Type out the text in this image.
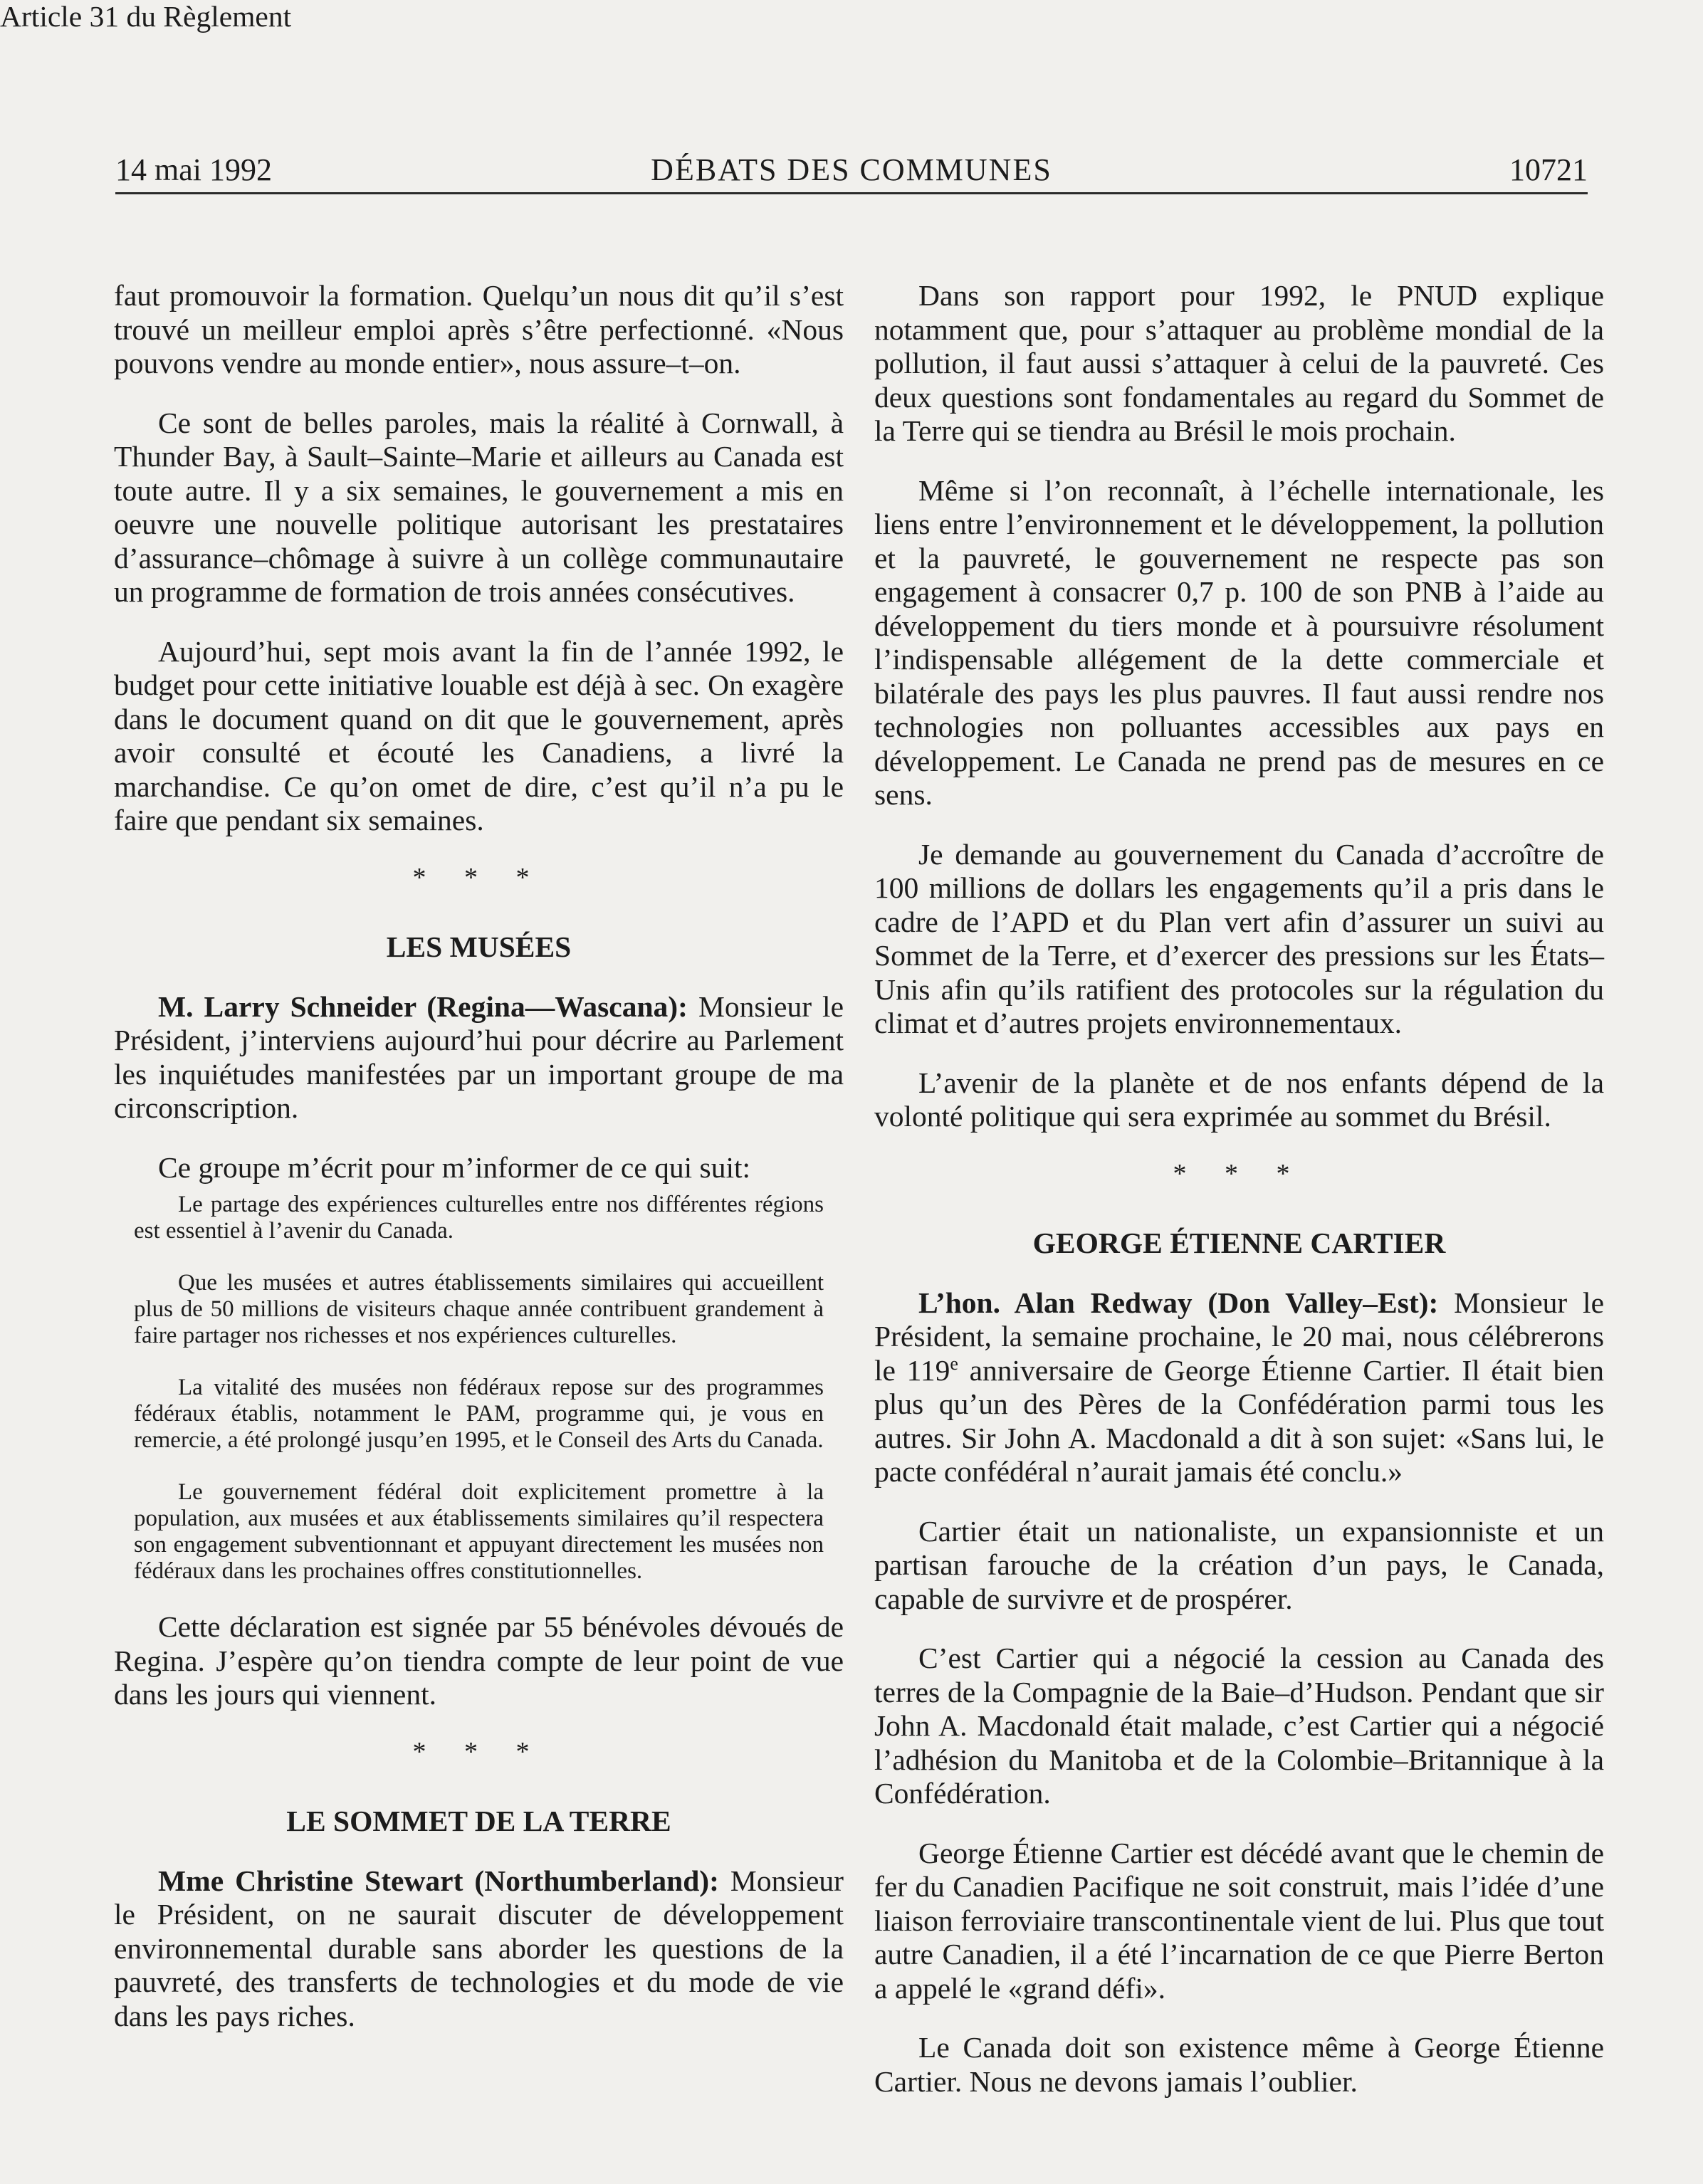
14 mai 1992	DÉBATS DES COMMUNES	10721
Article 31 du Règlement

faut promouvoir la formation. Quelqu’un nous dit qu’il s’est trouvé un meilleur emploi après s’être perfectionné. «Nous pouvons vendre au monde entier», nous assure–t–on.

Ce sont de belles paroles, mais la réalité à Cornwall, à Thunder Bay, à Sault–Sainte–Marie et ailleurs au Canada est toute autre. Il y a six semaines, le gouvernement a mis en oeuvre une nouvelle politique autorisant les prestataires d’assurance–chômage à suivre à un collège communautaire un programme de formation de trois années consécutives.

Aujourd’hui, sept mois avant la fin de l’année 1992, le budget pour cette initiative louable est déjà à sec. On exagère dans le document quand on dit que le gouvernement, après avoir consulté et écouté les Canadiens, a livré la marchandise. Ce qu’on omet de dire, c’est qu’il n’a pu le faire que pendant six semaines.

* * *
LES MUSÉES

M. Larry Schneider (Regina—Wascana): Monsieur le Président, j’interviens aujourd’hui pour décrire au Parlement les inquiétudes manifestées par un important groupe de ma circonscription.

Ce groupe m’écrit pour m’informer de ce qui suit:

Le partage des expériences culturelles entre nos différentes régions est essentiel à l’avenir du Canada.

Que les musées et autres établissements similaires qui accueillent plus de 50 millions de visiteurs chaque année contribuent grandement à faire partager nos richesses et nos expériences culturelles.

La vitalité des musées non fédéraux repose sur des programmes fédéraux établis, notamment le PAM, programme qui, je vous en remercie, a été prolongé jusqu’en 1995, et le Conseil des Arts du Canada.

Le gouvernement fédéral doit explicitement promettre à la population, aux musées et aux établissements similaires qu’il respectera son engagement subventionnant et appuyant directement les musées non fédéraux dans les prochaines offres constitutionnelles.

Cette déclaration est signée par 55 bénévoles dévoués de Regina. J’espère qu’on tiendra compte de leur point de vue dans les jours qui viennent.

* * *
LE SOMMET DE LA TERRE

Mme Christine Stewart (Northumberland): Monsieur le Président, on ne saurait discuter de développement environnemental durable sans aborder les questions de la pauvreté, des transferts de technologies et du mode de vie dans les pays riches.

Dans son rapport pour 1992, le PNUD explique notamment que, pour s’attaquer au problème mondial de la pollution, il faut aussi s’attaquer à celui de la pauvreté. Ces deux questions sont fondamentales au regard du Sommet de la Terre qui se tiendra au Brésil le mois prochain.

Même si l’on reconnaît, à l’échelle internationale, les liens entre l’environnement et le développement, la pollution et la pauvreté, le gouvernement ne respecte pas son engagement à consacrer 0,7 p. 100 de son PNB à l’aide au développement du tiers monde et à poursuivre résolument l’indispensable allégement de la dette commerciale et bilatérale des pays les plus pauvres. Il faut aussi rendre nos technologies non polluantes accessibles aux pays en développement. Le Canada ne prend pas de mesures en ce sens.

Je demande au gouvernement du Canada d’accroître de 100 millions de dollars les engagements qu’il a pris dans le cadre de l’APD et du Plan vert afin d’assurer un suivi au Sommet de la Terre, et d’exercer des pressions sur les États–Unis afin qu’ils ratifient des protocoles sur la régulation du climat et d’autres projets environnementaux.

L’avenir de la planète et de nos enfants dépend de la volonté politique qui sera exprimée au sommet du Brésil.

* * *
GEORGE ÉTIENNE CARTIER

L’hon. Alan Redway (Don Valley–Est): Monsieur le Président, la semaine prochaine, le 20 mai, nous célébrerons le 119e anniversaire de George Étienne Cartier. Il était bien plus qu’un des Pères de la Confédération parmi tous les autres. Sir John A. Macdonald a dit à son sujet: «Sans lui, le pacte confédéral n’aurait jamais été conclu.»

Cartier était un nationaliste, un expansionniste et un partisan farouche de la création d’un pays, le Canada, capable de survivre et de prospérer.

C’est Cartier qui a négocié la cession au Canada des terres de la Compagnie de la Baie–d’Hudson. Pendant que sir John A. Macdonald était malade, c’est Cartier qui a négocié l’adhésion du Manitoba et de la Colombie–Britannique à la Confédération.

George Étienne Cartier est décédé avant que le chemin de fer du Canadien Pacifique ne soit construit, mais l’idée d’une liaison ferroviaire transcontinentale vient de lui. Plus que tout autre Canadien, il a été l’incarnation de ce que Pierre Berton a appelé le «grand défi».

Le Canada doit son existence même à George Étienne Cartier. Nous ne devons jamais l’oublier.
